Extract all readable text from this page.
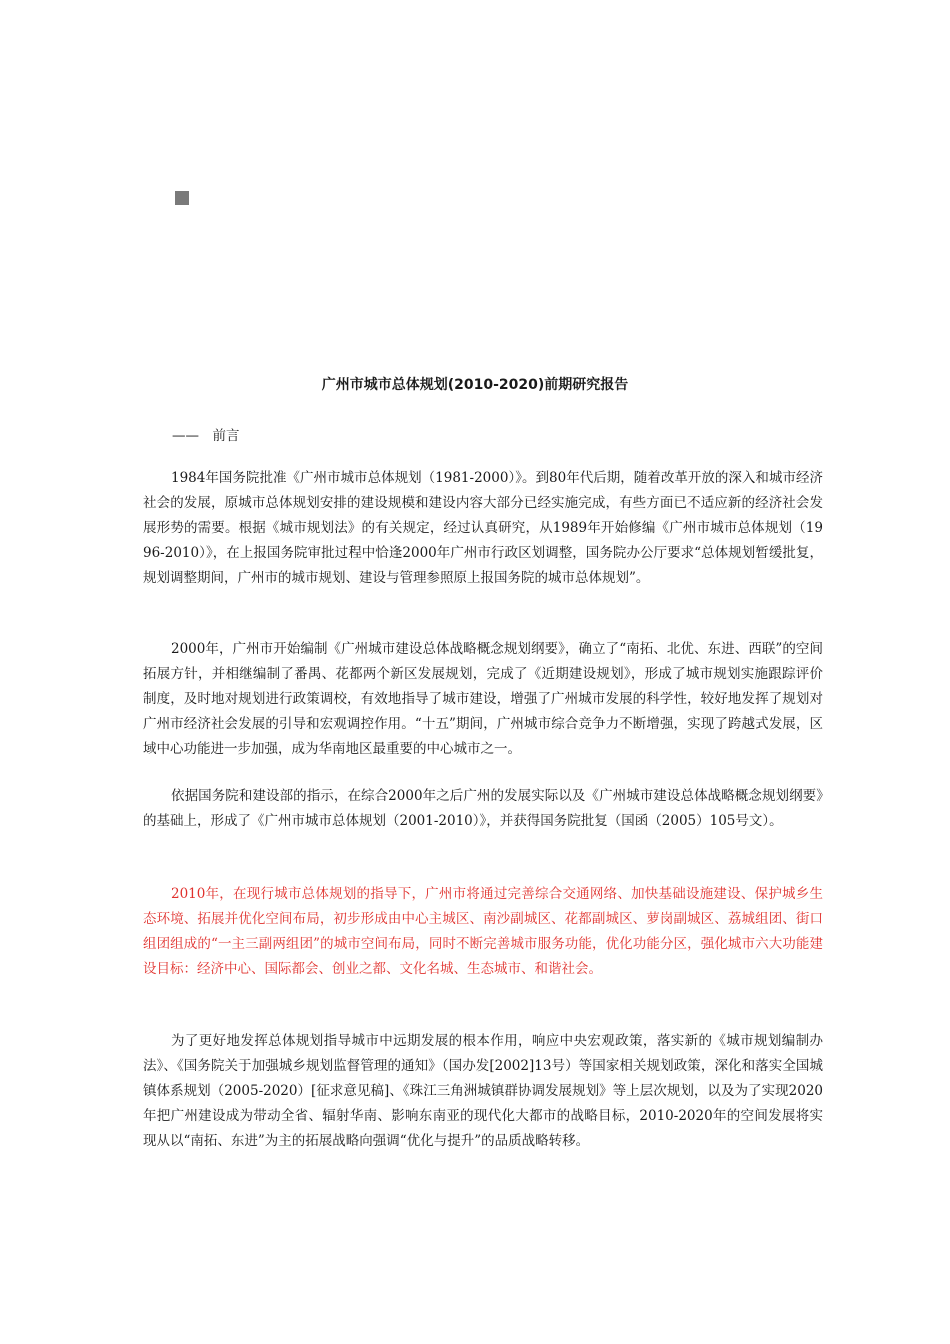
广州市城市总体规划(2010-2020)前期研究报告
——　前言
1984年国务院批准《广州市城市总体规划（1981-2000）》。到80年代后期，随着改革开放的深入和城市经济社会的发展，原城市总体规划安排的建设规模和建设内容大部分已经实施完成，有些方面已不适应新的经济社会发展形势的需要。根据《城市规划法》的有关规定，经过认真研究，从1989年开始修编《广州市城市总体规划（1996-2010）》，在上报国务院审批过程中恰逢2000年广州市行政区划调整，国务院办公厅要求“总体规划暂缓批复，规划调整期间，广州市的城市规划、建设与管理参照原上报国务院的城市总体规划”。
2000年，广州市开始编制《广州城市建设总体战略概念规划纲要》，确立了“南拓、北优、东进、西联”的空间拓展方针，并相继编制了番禺、花都两个新区发展规划，完成了《近期建设规划》，形成了城市规划实施跟踪评价制度，及时地对规划进行政策调校，有效地指导了城市建设，增强了广州城市发展的科学性，较好地发挥了规划对广州市经济社会发展的引导和宏观调控作用。“十五”期间，广州城市综合竞争力不断增强，实现了跨越式发展，区域中心功能进一步加强，成为华南地区最重要的中心城市之一。
依据国务院和建设部的指示，在综合2000年之后广州的发展实际以及《广州城市建设总体战略概念规划纲要》的基础上，形成了《广州市城市总体规划（2001-2010）》，并获得国务院批复（国函（2005）105号文）。
2010年，在现行城市总体规划的指导下，广州市将通过完善综合交通网络、加快基础设施建设、保护城乡生态环境、拓展并优化空间布局，初步形成由中心主城区、南沙副城区、花都副城区、萝岗副城区、荔城组团、街口组团组成的“一主三副两组团”的城市空间布局，同时不断完善城市服务功能，优化功能分区，强化城市六大功能建设目标：经济中心、国际都会、创业之都、文化名城、生态城市、和谐社会。
为了更好地发挥总体规划指导城市中远期发展的根本作用，响应中央宏观政策，落实新的《城市规划编制办法》、《国务院关于加强城乡规划监督管理的通知》（国办发[2002]13号）等国家相关规划政策，深化和落实全国城镇体系规划（2005-2020）[征求意见稿]、《珠江三角洲城镇群协调发展规划》等上层次规划，以及为了实现2020年把广州建设成为带动全省、辐射华南、影响东南亚的现代化大都市的战略目标，2010-2020年的空间发展将实现从以“南拓、东进”为主的拓展战略向强调“优化与提升”的品质战略转移。
